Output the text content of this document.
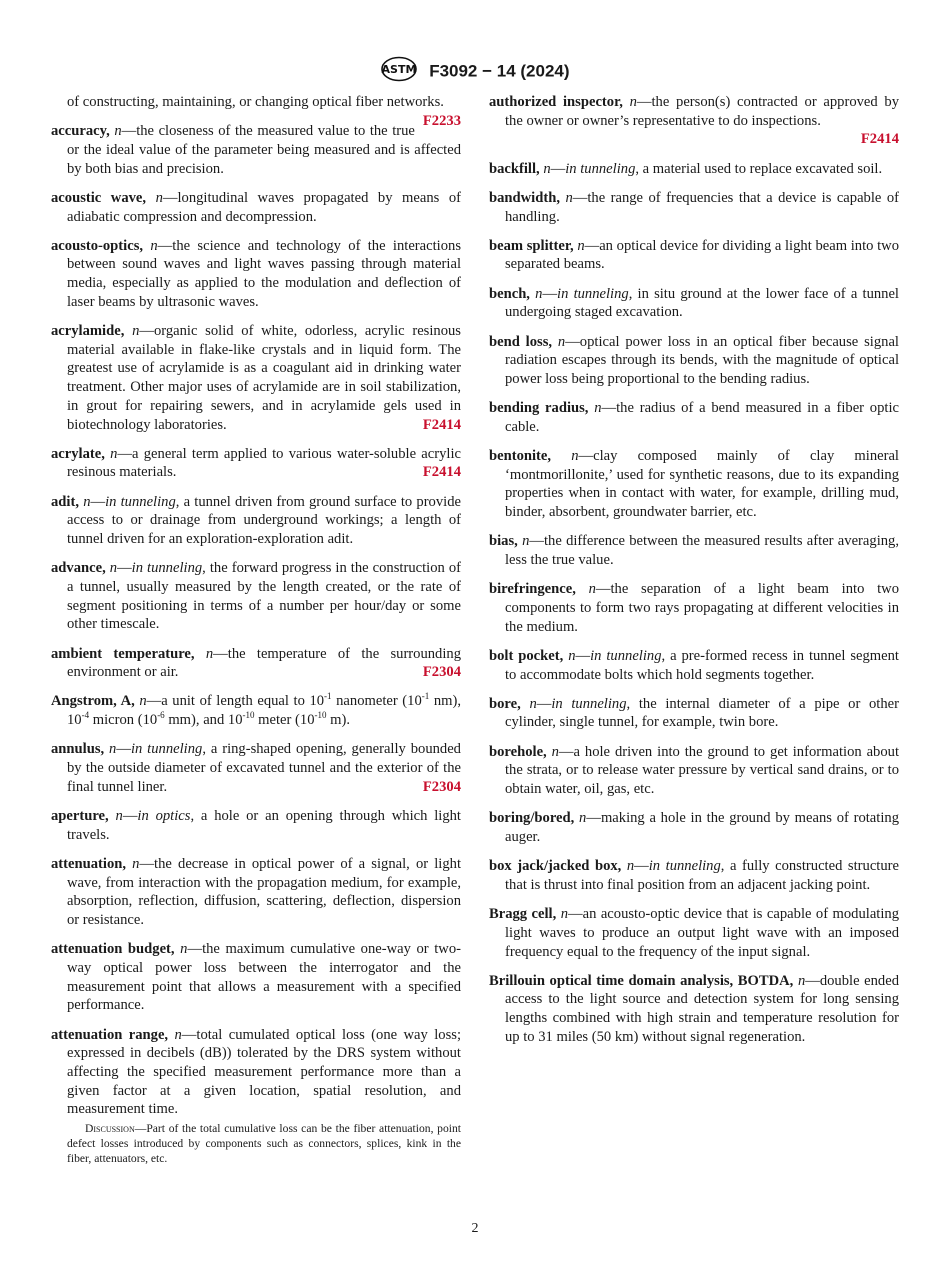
ASTM F3092 − 14 (2024)

of constructing, maintaining, or changing optical fiber networks.
F2233

accuracy, n—the closeness of the measured value to the true or the ideal value of the parameter being measured and is affected by both bias and precision.

acoustic wave, n—longitudinal waves propagated by means of adiabatic compression and decompression.

acousto-optics, n—the science and technology of the interactions between sound waves and light waves passing through material media, especially as applied to the modulation and deflection of laser beams by ultrasonic waves.

acrylamide, n—organic solid of white, odorless, acrylic resinous material available in flake-like crystals and in liquid form. The greatest use of acrylamide is as a coagulant aid in drinking water treatment. Other major uses of acrylamide are in soil stabilization, in grout for repairing sewers, and in acrylamide gels used in biotechnology laboratories.	F2414

acrylate, n—a general term applied to various water-soluble acrylic resinous materials.	F2414

adit, n—in tunneling, a tunnel driven from ground surface to provide access to or drainage from underground workings; a length of tunnel driven for an exploration-exploration adit.

advance, n—in tunneling, the forward progress in the construction of a tunnel, usually measured by the length created, or the rate of segment positioning in terms of a number per hour/day or some other timescale.

ambient temperature, n—the temperature of the surrounding environment or air.	F2304

Angstrom, A, n—a unit of length equal to $10^{-1}$ nanometer ($10^{-1}$ nm), $10^{-4}$ micron ($10^{-6}$ mm), and $10^{-10}$ meter ($10^{-10}$ m).

annulus, n—in tunneling, a ring-shaped opening, generally bounded by the outside diameter of excavated tunnel and the exterior of the final tunnel liner.	F2304

aperture, n—in optics, a hole or an opening through which light travels.

attenuation, n—the decrease in optical power of a signal, or light wave, from interaction with the propagation medium, for example, absorption, reflection, diffusion, scattering, deflection, dispersion or resistance.

attenuation budget, n—the maximum cumulative one-way or two-way optical power loss between the interrogator and the measurement point that allows a measurement with a specified performance.

attenuation range, n—total cumulated optical loss (one way loss; expressed in decibels (dB)) tolerated by the DRS system without affecting the specified measurement performance more than a given factor at a given location, spatial resolution, and measurement time.

Discussion—Part of the total cumulative loss can be the fiber attenuation, point defect losses introduced by components such as connectors, splices, kink in the fiber, attenuators, etc.

authorized inspector, n—the person(s) contracted or approved by the owner or owner’s representative to do inspections.
F2414

backfill, n—in tunneling, a material used to replace excavated soil.

bandwidth, n—the range of frequencies that a device is capable of handling.

beam splitter, n—an optical device for dividing a light beam into two separated beams.

bench, n—in tunneling, in situ ground at the lower face of a tunnel undergoing staged excavation.

bend loss, n—optical power loss in an optical fiber because signal radiation escapes through its bends, with the magnitude of optical power loss being proportional to the bending radius.

bending radius, n—the radius of a bend measured in a fiber optic cable.

bentonite, n—clay composed mainly of clay mineral ‘montmorillonite,’ used for synthetic reasons, due to its expanding properties when in contact with water, for example, drilling mud, binder, absorbent, groundwater barrier, etc.

bias, n—the difference between the measured results after averaging, less the true value.

birefringence, n—the separation of a light beam into two components to form two rays propagating at different velocities in the medium.

bolt pocket, n—in tunneling, a pre-formed recess in tunnel segment to accommodate bolts which hold segments together.

bore, n—in tunneling, the internal diameter of a pipe or other cylinder, single tunnel, for example, twin bore.

borehole, n—a hole driven into the ground to get information about the strata, or to release water pressure by vertical sand drains, or to obtain water, oil, gas, etc.

boring/bored, n—making a hole in the ground by means of rotating auger.

box jack/jacked box, n—in tunneling, a fully constructed structure that is thrust into final position from an adjacent jacking point.

Bragg cell, n—an acousto-optic device that is capable of modulating light waves to produce an output light wave with an imposed frequency equal to the frequency of the input signal.

Brillouin optical time domain analysis, BOTDA, n—double ended access to the light source and detection system for long sensing lengths combined with high strain and temperature resolution for up to 31 miles (50 km) without signal regeneration.

2
